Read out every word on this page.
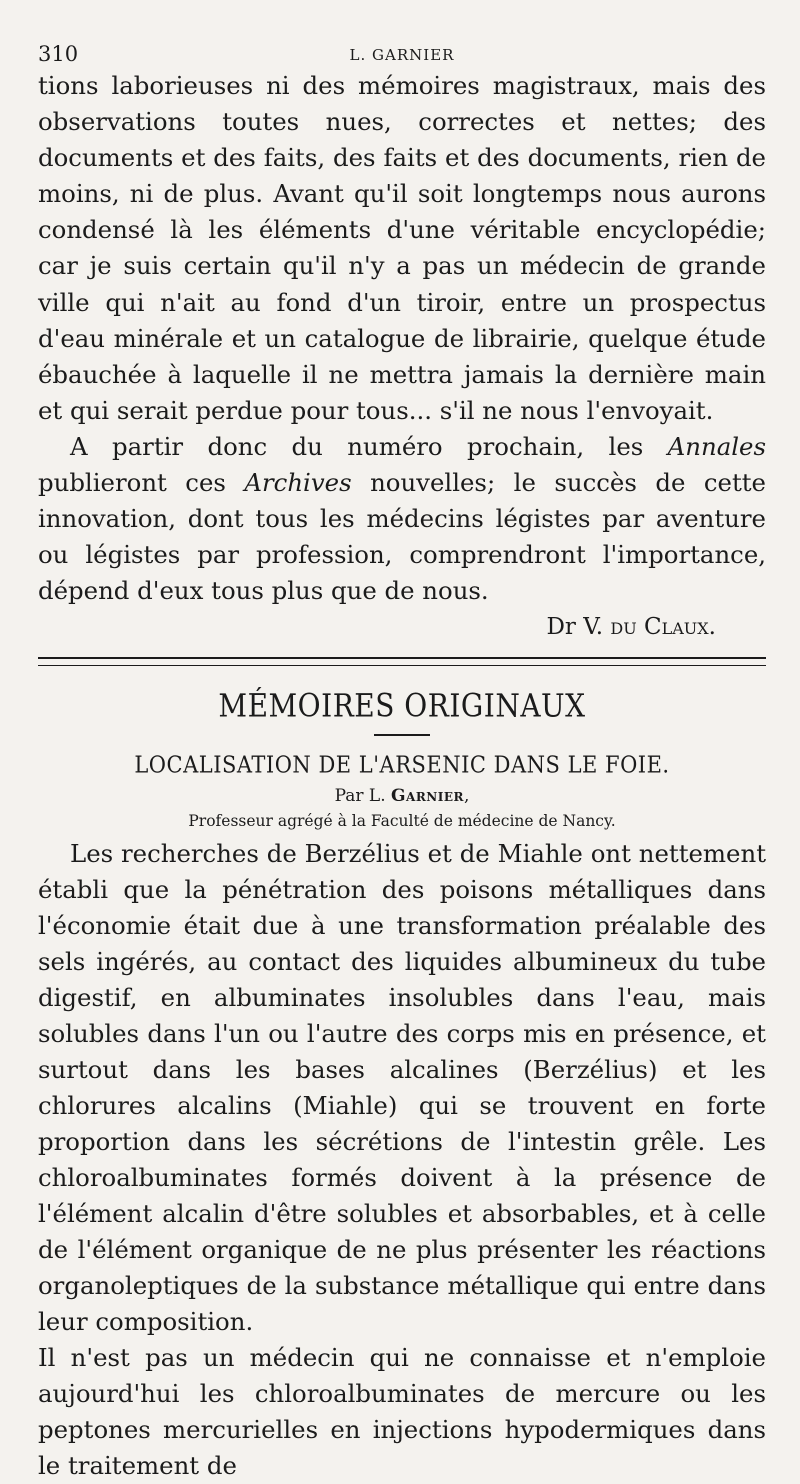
310	L. GARNIER

tions laborieuses ni des mémoires magistraux, mais des observations toutes nues, correctes et nettes; des documents et des faits, des faits et des documents, rien de moins, ni de plus. Avant qu'il soit longtemps nous aurons condensé là les éléments d'une véritable encyclopédie; car je suis certain qu'il n'y a pas un médecin de grande ville qui n'ait au fond d'un tiroir, entre un prospectus d'eau minérale et un catalogue de librairie, quelque étude ébauchée à laquelle il ne mettra jamais la dernière main et qui serait perdue pour tous... s'il ne nous l'envoyait.

A partir donc du numéro prochain, les Annales publieront ces Archives nouvelles; le succès de cette innovation, dont tous les médecins légistes par aventure ou légistes par profession, comprendront l'importance, dépend d'eux tous plus que de nous.

Dr V. du Claux.
MÉMOIRES ORIGINAUX
LOCALISATION DE L'ARSENIC DANS LE FOIE.
Par L. Garnier,
Professeur agrégé à la Faculté de médecine de Nancy.

Les recherches de Berzélius et de Miahle ont nettement établi que la pénétration des poisons métalliques dans l'économie était due à une transformation préalable des sels ingérés, au contact des liquides albumineux du tube digestif, en albuminates insolubles dans l'eau, mais solubles dans l'un ou l'autre des corps mis en présence, et surtout dans les bases alcalines (Berzélius) et les chlorures alcalins (Miahle) qui se trouvent en forte proportion dans les sécrétions de l'intestin grêle. Les chloroalbuminates formés doivent à la présence de l'élément alcalin d'être solubles et absorbables, et à celle de l'élément organique de ne plus présenter les réactions organoleptiques de la substance métallique qui entre dans leur composition.

Il n'est pas un médecin qui ne connaisse et n'emploie aujourd'hui les chloroalbuminates de mercure ou les peptones mercurielles en injections hypodermiques dans le traitement de
